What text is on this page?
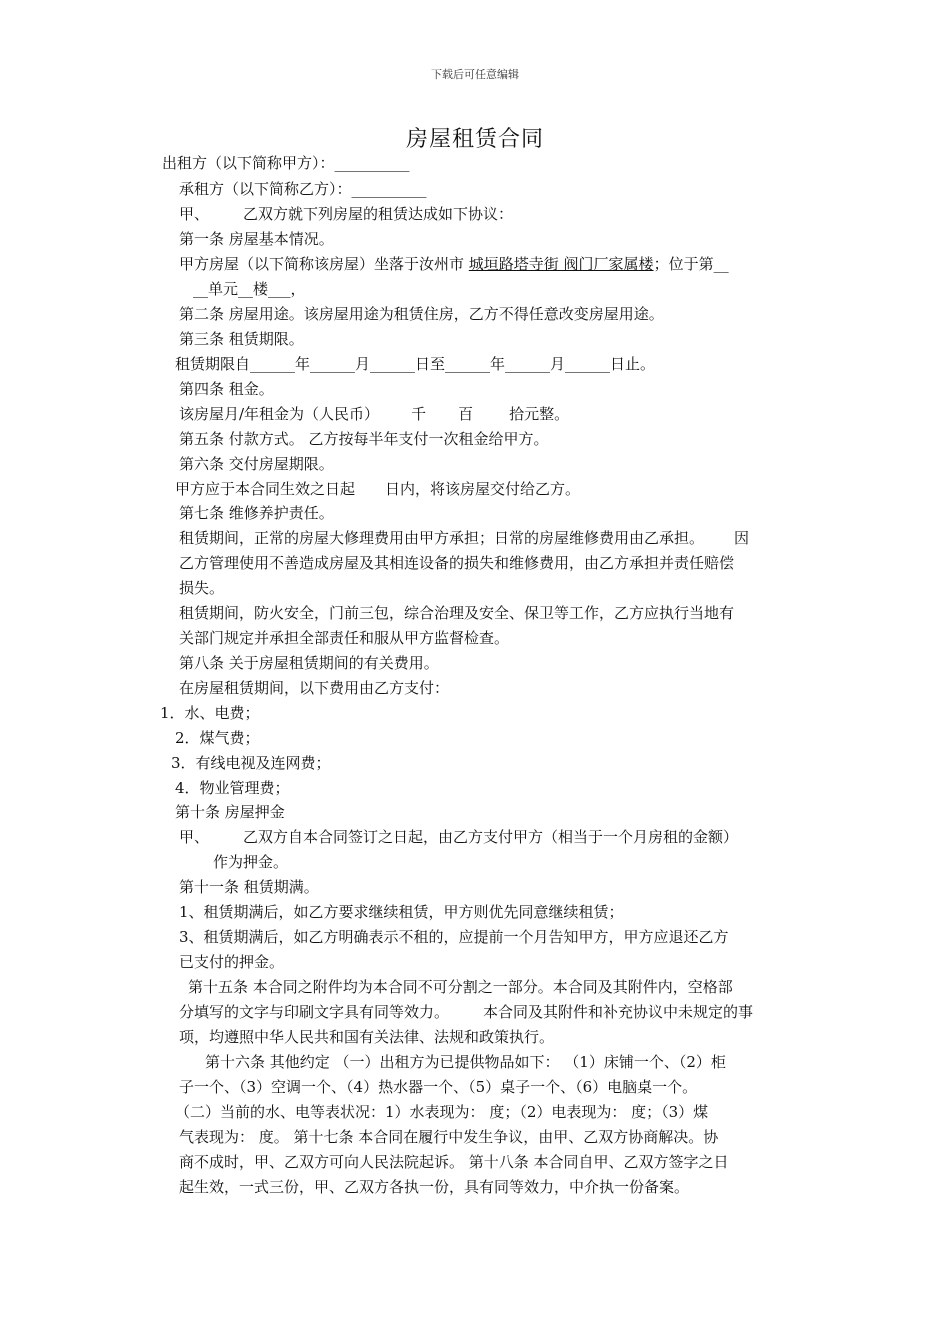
下载后可任意编辑
房屋租赁合同
出租方（以下简称甲方）：__________
承租方（以下简称乙方）：__________
甲、 乙双方就下列房屋的租赁达成如下协议：
第一条 房屋基本情况。
甲方房屋（以下简称该房屋）坐落于汝州市 城垣路塔寺街 阀门厂家属楼；位于第__
__单元__楼___，
第二条 房屋用途。该房屋用途为租赁住房，乙方不得任意改变房屋用途。
第三条 租赁期限。
租赁期限自______年______月______日至______年______月______日止。
第四条 租金。
该房屋月/年租金为（人民币） 千 百 拾元整。
第五条 付款方式。 乙方按每半年支付一次租金给甲方。
第六条 交付房屋期限。
甲方应于本合同生效之日起 日内，将该房屋交付给乙方。
第七条 维修养护责任。
租赁期间，正常的房屋大修理费用由甲方承担；日常的房屋维修费用由乙承担。 因
乙方管理使用不善造成房屋及其相连设备的损失和维修费用，由乙方承担并责任赔偿
损失。
租赁期间，防火安全，门前三包，综合治理及安全、保卫等工作，乙方应执行当地有
关部门规定并承担全部责任和服从甲方监督检查。
第八条 关于房屋租赁期间的有关费用。
在房屋租赁期间，以下费用由乙方支付：
1．水、电费；
2．煤气费；
3．有线电视及连网费；
4．物业管理费；
第十条 房屋押金
甲、 乙双方自本合同签订之日起，由乙方支付甲方（相当于一个月房租的金额）
作为押金。
第十一条 租赁期满。
1、租赁期满后，如乙方要求继续租赁，甲方则优先同意继续租赁；
3、租赁期满后，如乙方明确表示不租的，应提前一个月告知甲方，甲方应退还乙方
已支付的押金。
第十五条 本合同之附件均为本合同不可分割之一部分。本合同及其附件内，空格部
分填写的文字与印刷文字具有同等效力。 本合同及其附件和补充协议中未规定的事
项，均遵照中华人民共和国有关法律、法规和政策执行。
第十六条 其他约定 （一）出租方为已提供物品如下： （1）床铺一个、（2）柜
子一个、（3）空调一个、（4）热水器一个、（5）桌子一个、（6）电脑桌一个。
（二）当前的水、电等表状况：1）水表现为： 度；（2）电表现为： 度；（3）煤
气表现为： 度。 第十七条 本合同在履行中发生争议，由甲、乙双方协商解决。协
商不成时，甲、乙双方可向人民法院起诉。 第十八条 本合同自甲、乙双方签字之日
起生效，一式三份，甲、乙双方各执一份，具有同等效力，中介执一份备案。
